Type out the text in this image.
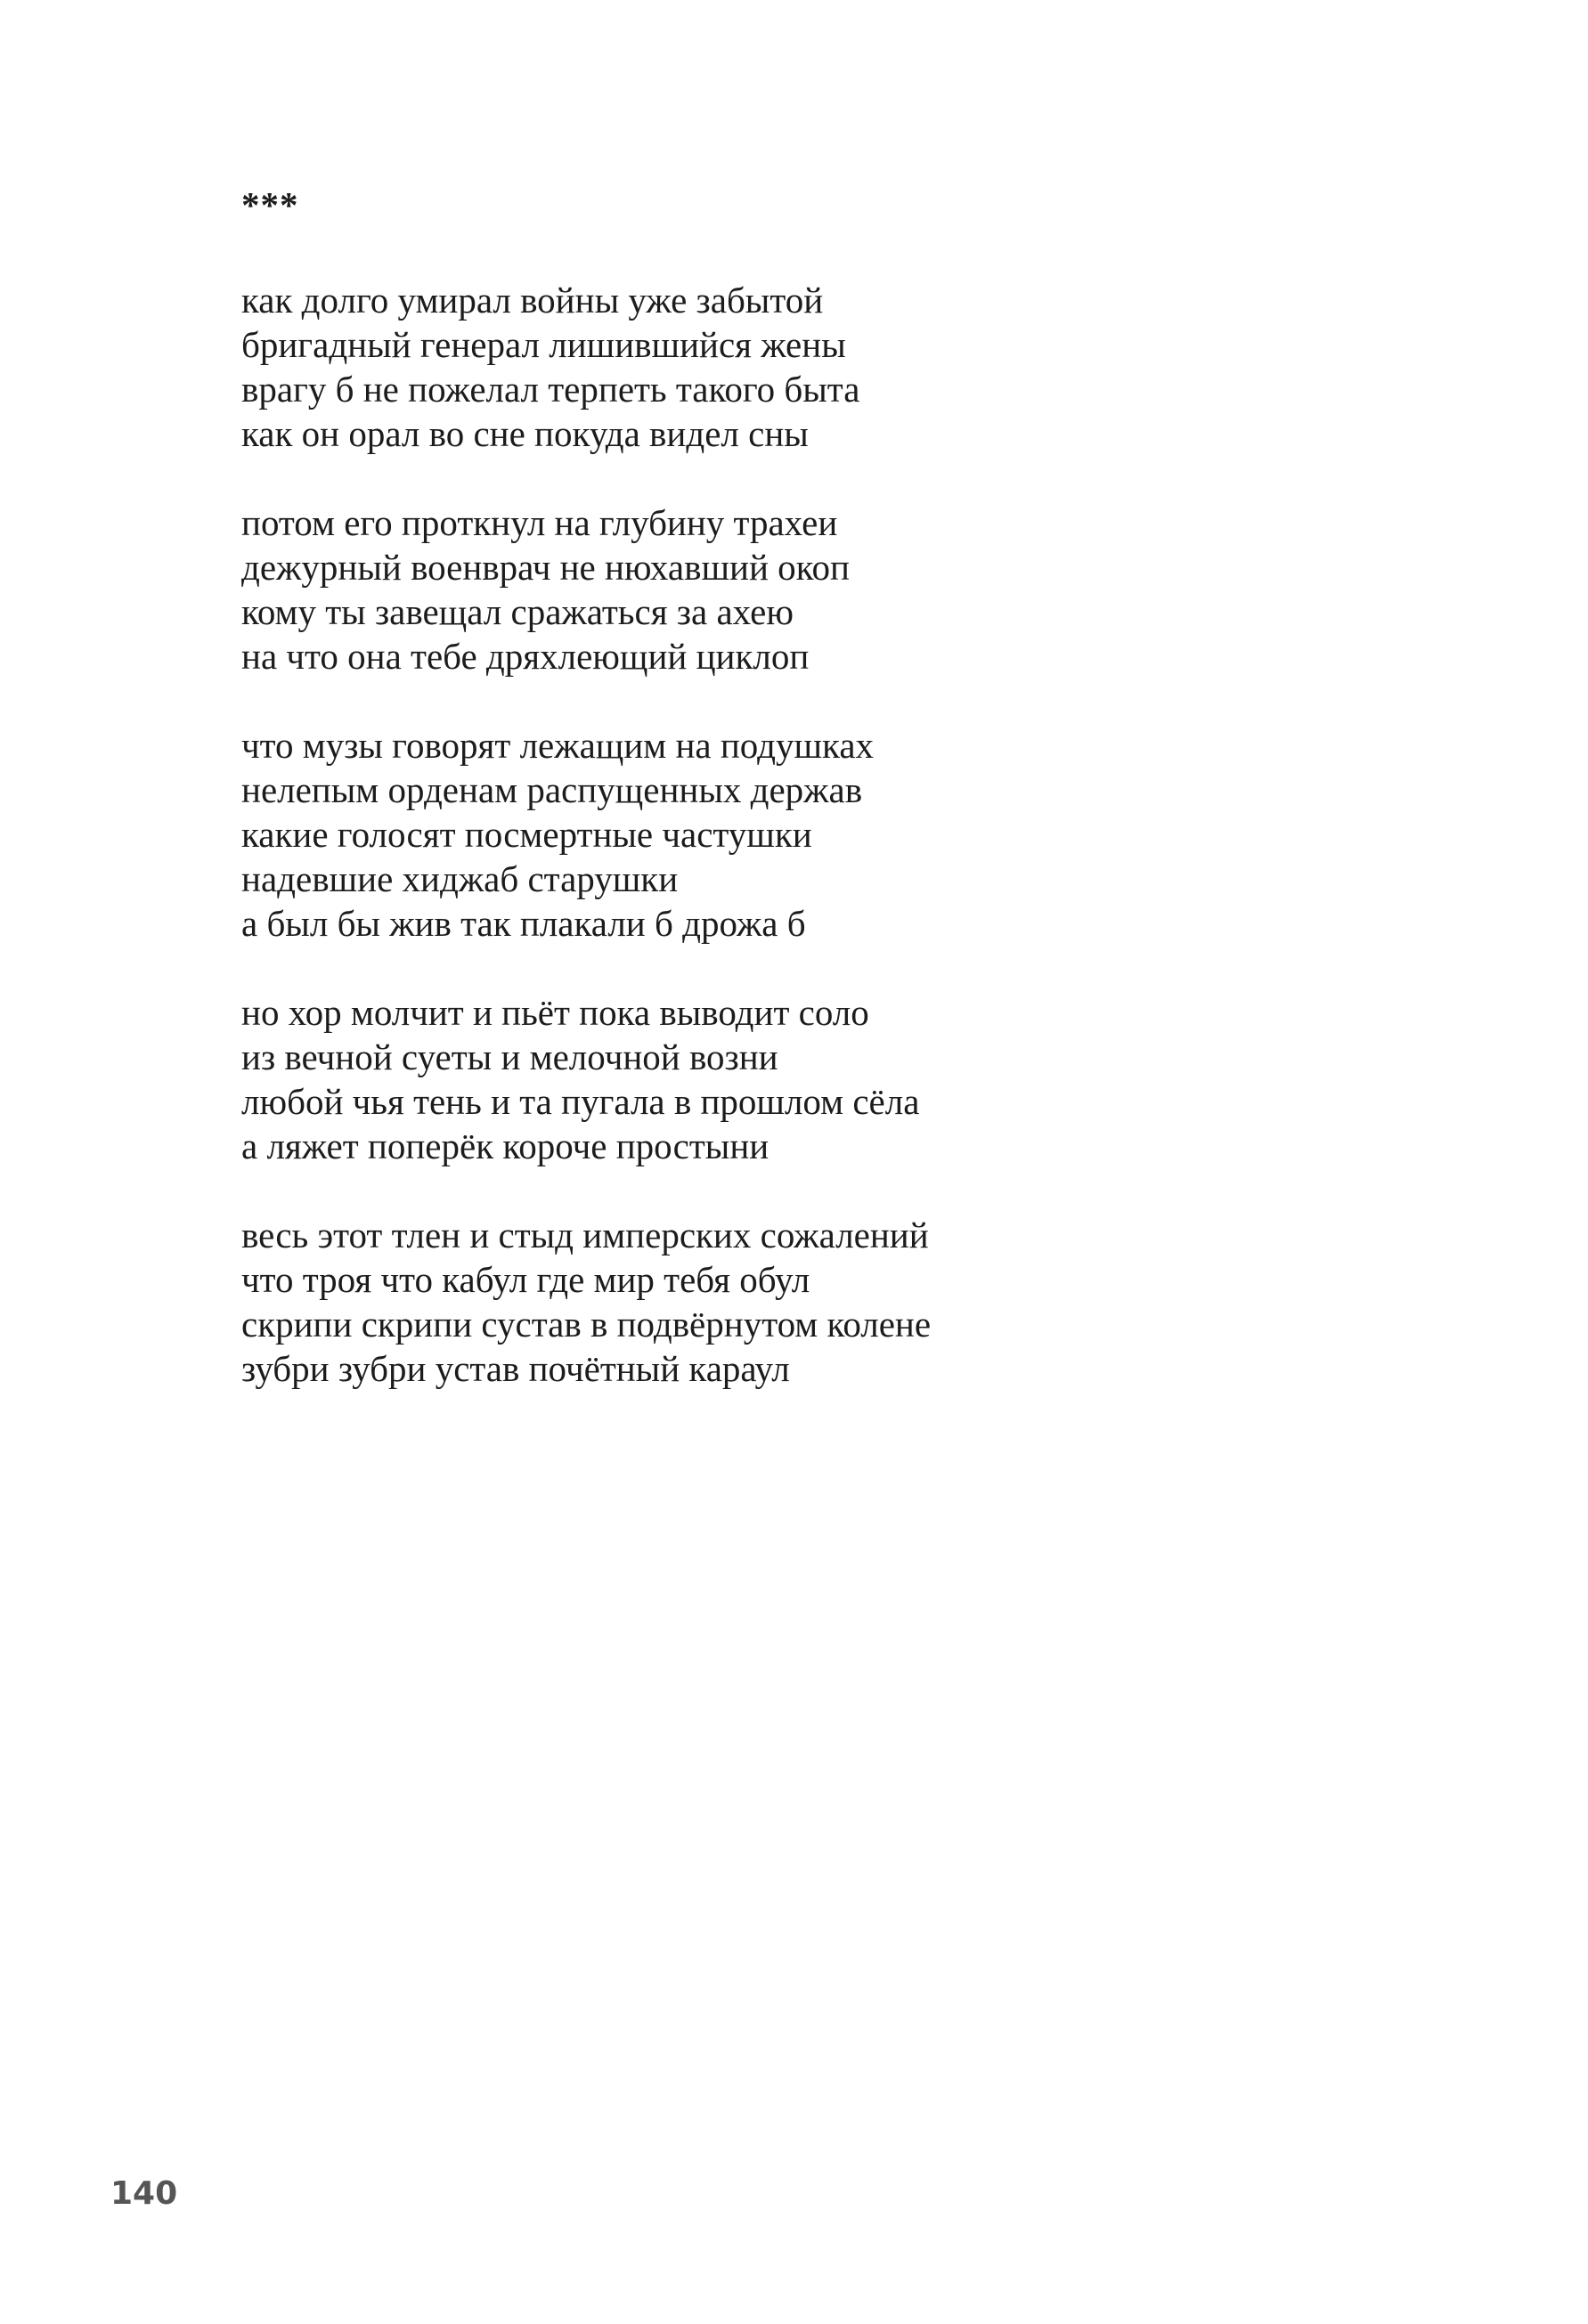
***
как долго умирал войны уже забытой
бригадный генерал лишившийся жены
врагу б не пожелал терпеть такого быта
как он орал во сне покуда видел сны
потом его проткнул на глубину трахеи
дежурный военврач не нюхавший окоп
кому ты завещал сражаться за ахею
на что она тебе дряхлеющий циклоп
что музы говорят лежащим на подушках
нелепым орденам распущенных держав
какие голосят посмертные частушки
надевшие хиджаб старушки
а был бы жив так плакали б дрожа б
но хор молчит и пьёт пока выводит соло
из вечной суеты и мелочной возни
любой чья тень и та пугала в прошлом сёла
а ляжет поперёк короче простыни
весь этот тлен и стыд имперских сожалений
что троя что кабул где мир тебя обул
скрипи скрипи сустав в подвёрнутом колене
зубри зубри устав почётный караул
140
